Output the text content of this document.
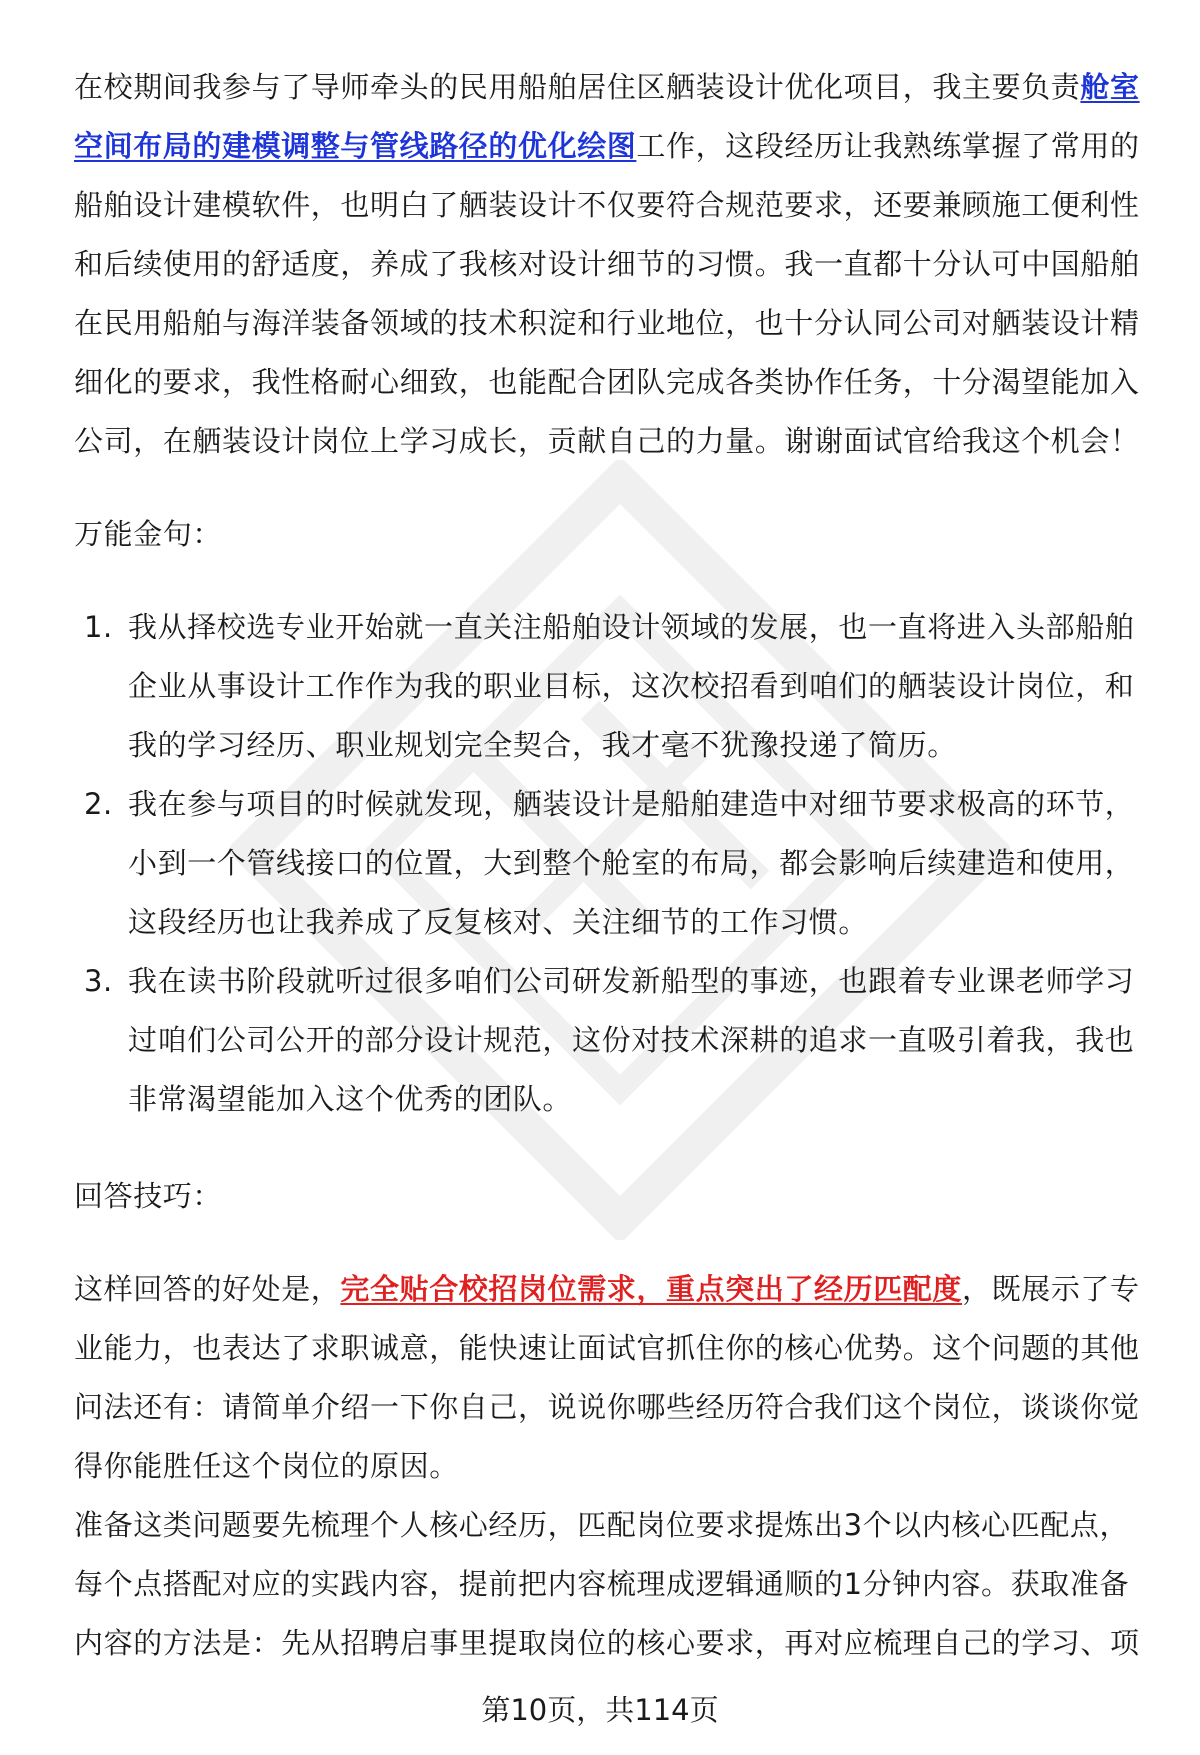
在校期间我参与了导师牵头的民用船舶居住区舾装设计优化项目，我主要负责舱室空间布局的建模调整与管线路径的优化绘图工作，这段经历让我熟练掌握了常用的船舶设计建模软件，也明白了舾装设计不仅要符合规范要求，还要兼顾施工便利性和后续使用的舒适度，养成了我核对设计细节的习惯。我一直都十分认可中国船舶在民用船舶与海洋装备领域的技术积淀和行业地位，也十分认同公司对舾装设计精细化的要求，我性格耐心细致，也能配合团队完成各类协作任务，十分渴望能加入公司，在舾装设计岗位上学习成长，贡献自己的力量。谢谢面试官给我这个机会！

万能金句：

1. 我从择校选专业开始就一直关注船舶设计领域的发展，也一直将进入头部船舶企业从事设计工作作为我的职业目标，这次校招看到咱们的舾装设计岗位，和我的学习经历、职业规划完全契合，我才毫不犹豫投递了简历。
2. 我在参与项目的时候就发现，舾装设计是船舶建造中对细节要求极高的环节，小到一个管线接口的位置，大到整个舱室的布局，都会影响后续建造和使用，这段经历也让我养成了反复核对、关注细节的工作习惯。
3. 我在读书阶段就听过很多咱们公司研发新船型的事迹，也跟着专业课老师学习过咱们公司公开的部分设计规范，这份对技术深耕的追求一直吸引着我，我也非常渴望能加入这个优秀的团队。

回答技巧：

这样回答的好处是，完全贴合校招岗位需求，重点突出了经历匹配度，既展示了专业能力，也表达了求职诚意，能快速让面试官抓住你的核心优势。这个问题的其他问法还有：请简单介绍一下你自己，说说你哪些经历符合我们这个岗位，谈谈你觉得你能胜任这个岗位的原因。

准备这类问题要先梳理个人核心经历，匹配岗位要求提炼出3个以内核心匹配点，每个点搭配对应的实践内容，提前把内容梳理成逻辑通顺的1分钟内容。获取准备内容的方法是：先从招聘启事里提取岗位的核心要求，再对应梳理自己的学习、项

第10页，共114页
